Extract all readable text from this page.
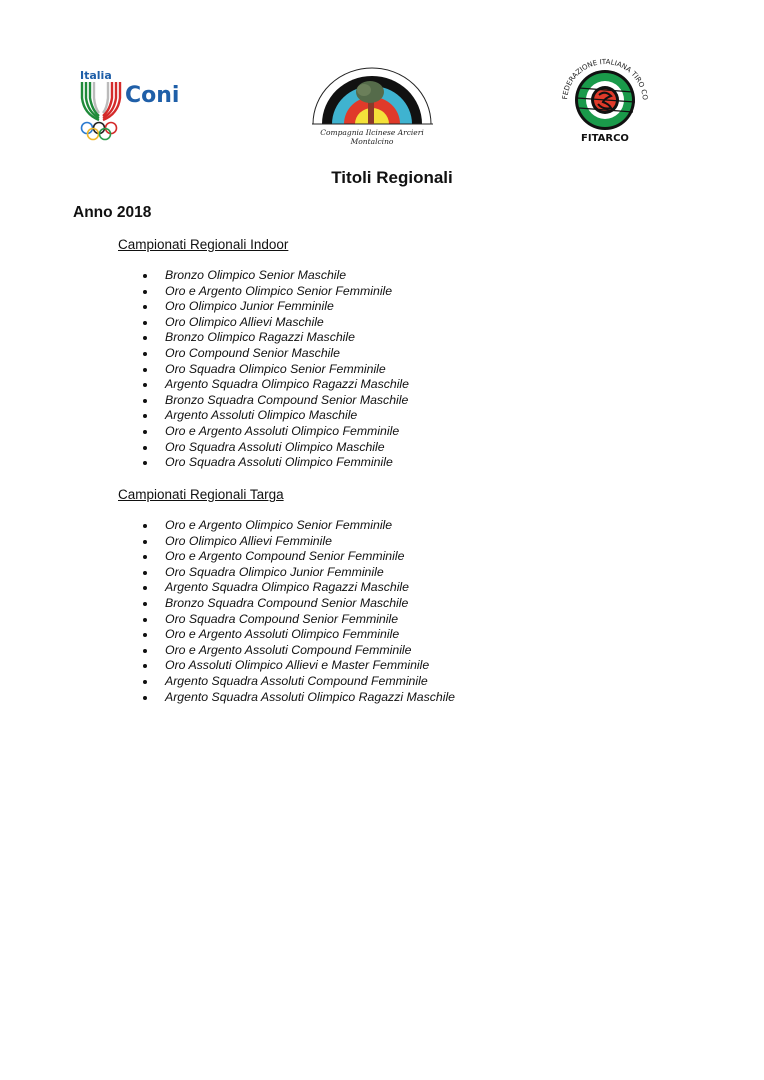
Italia
Coni
Compagnia Ilcinese Arcieri
Montalcino
FEDERAZIONE ITALIANA TIRO CO
FITARCO
Titoli Regionali
Anno 2018
Campionati Regionali Indoor
Bronzo Olimpico Senior Maschile
Oro e Argento Olimpico Senior Femminile
Oro Olimpico Junior Femminile
Oro Olimpico Allievi Maschile
Bronzo Olimpico Ragazzi Maschile
Oro Compound Senior Maschile
Oro Squadra Olimpico Senior Femminile
Argento Squadra Olimpico Ragazzi Maschile
Bronzo Squadra Compound Senior Maschile
Argento Assoluti Olimpico Maschile
Oro e Argento Assoluti Olimpico Femminile
Oro Squadra Assoluti Olimpico Maschile
Oro Squadra Assoluti Olimpico Femminile
Campionati Regionali Targa
Oro e Argento Olimpico Senior Femminile
Oro Olimpico Allievi Femminile
Oro e Argento Compound Senior Femminile
Oro Squadra Olimpico Junior Femminile
Argento Squadra Olimpico Ragazzi Maschile
Bronzo Squadra Compound Senior Maschile
Oro Squadra Compound Senior Femminile
Oro e Argento Assoluti Olimpico Femminile
Oro e Argento Assoluti Compound Femminile
Oro Assoluti Olimpico Allievi e Master Femminile
Argento Squadra Assoluti Compound Femminile
Argento Squadra Assoluti Olimpico Ragazzi Maschile
